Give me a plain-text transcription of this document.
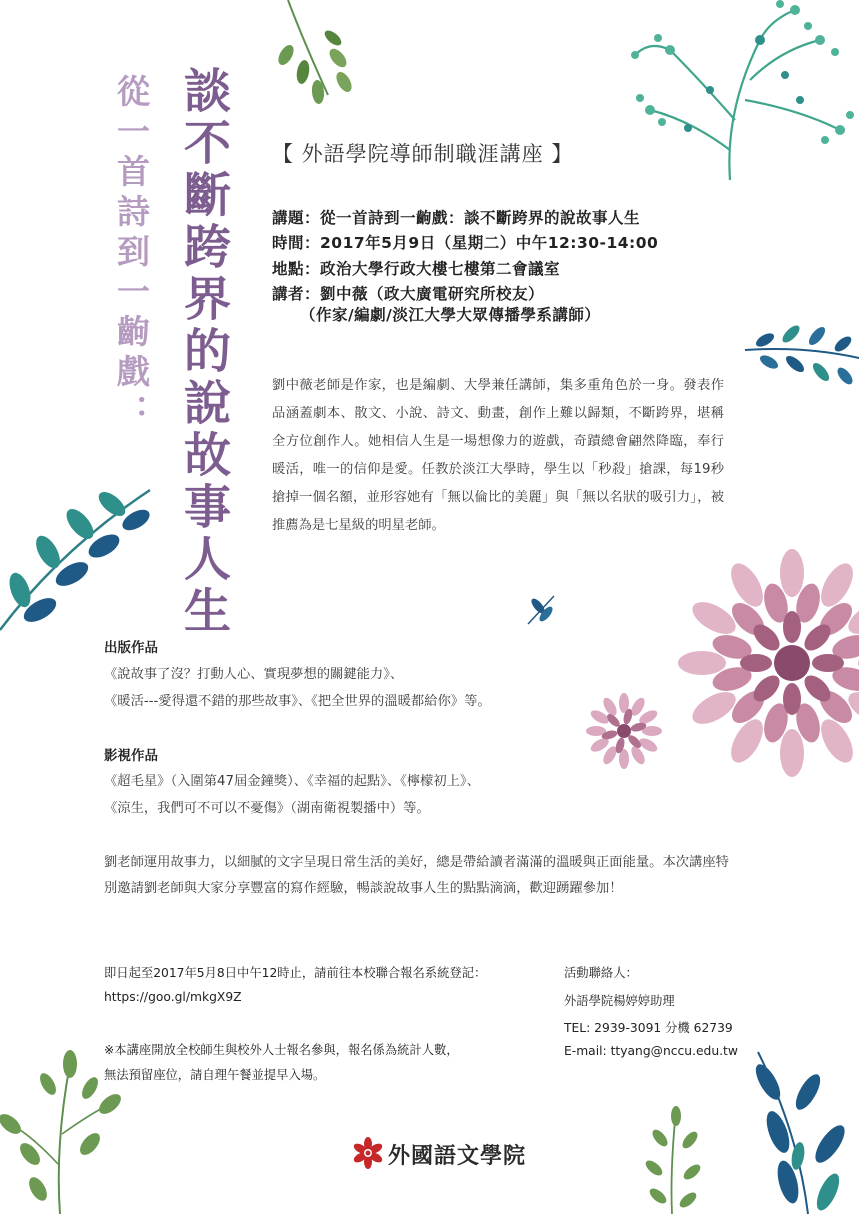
從一首詩到一齣戲： 談不斷跨界的說故事人生 【 外語學院導師制職涯講座 】
講題：從一首詩到一齣戲：談不斷跨界的說故事人生
時間：2017年5月9日（星期二）中午12:30-14:00
地點：政治大學行政大樓七樓第二會議室
講者：劉中薇（政大廣電研究所校友）
（作家/編劇/淡江大學大眾傳播學系講師）
劉中薇老師是作家，也是編劇、大學兼任講師，集多重角色於一身。發表作品涵蓋劇本、散文、小說、詩文、動畫，創作上難以歸類，不斷跨界，堪稱全方位創作人。她相信人生是一場想像力的遊戲，奇蹟總會翩然降臨，奉行暖活，唯一的信仰是愛。任教於淡江大學時，學生以「秒殺」搶課，每19秒搶掉一個名額，並形容她有「無以倫比的美麗」與「無以名狀的吸引力」，被推薦為是七星級的明星老師。
出版作品
《說故事了沒？打動人心、實現夢想的關鍵能力》、
《暖活---愛得還不錯的那些故事》、《把全世界的溫暖都給你》等。
影視作品
《超毛星》（入圍第47屆金鐘獎）、《幸福的起點》、《檸檬初上》、
《涼生，我們可不可以不憂傷》（湖南衛視製播中）等。
劉老師運用故事力，以細膩的文字呈現日常生活的美好，總是帶給讀者滿滿的溫暖與正面能量。本次講座特別邀請劉老師與大家分享豐富的寫作經驗，暢談說故事人生的點點滴滴，歡迎踴躍參加！
即日起至2017年5月8日中午12時止，請前往本校聯合報名系統登記：
https://goo.gl/mkgX9Z
※本講座開放全校師生與校外人士報名參與，報名係為統計人數，
無法預留座位，請自理午餐並提早入場。
活動聯絡人：
外語學院楊婷婷助理
TEL: 2939-3091 分機 62739
E-mail: ttyang@nccu.edu.tw
外國語文學院
